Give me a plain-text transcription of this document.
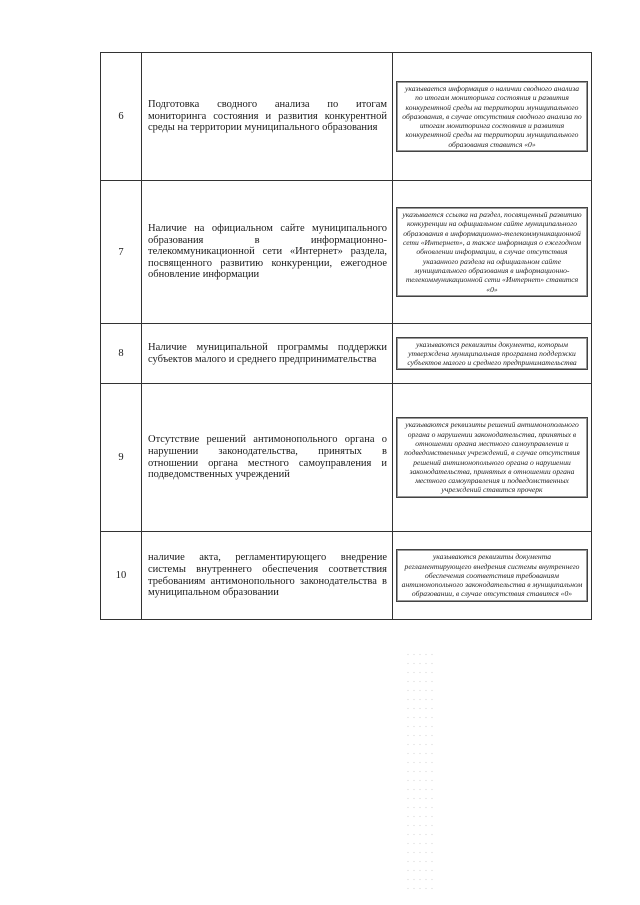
6	Подготовка сводного анализа по итогам мониторинга состояния и развития конкурентной среды на территории муниципального образования	указывается информация о наличии сводного анализа по итогам мониторинга состояния и развития конкурентной среды на территории муниципального образования, в случае отсутствия сводного анализа по итогам мониторинга состояния и развития конкурентной среды на территории муниципального образования ставится «0»

7	Наличие на официальном сайте муниципального образования в информационно-телекоммуникационной сети «Интернет» раздела, посвященного развитию конкуренции, ежегодное обновление информации	указывается ссылка на раздел, посвященный развитию конкуренции на официальном сайте муниципального образования в информационно-телекоммуникационной сети «Интернет», а также информация о ежегодном обновлении информации, в случае отсутствия указанного раздела на официальном сайте муниципального образования в информационно-телекоммуникационной сети «Интернет» ставится «0»

8	Наличие муниципальной программы поддержки субъектов малого и среднего предпринимательства	указываются реквизиты документа, которым утверждена муниципальная программа поддержки субъектов малого и среднего предпринимательства

9	Отсутствие решений антимонопольного органа о нарушении законодательства, принятых в отношении органа местного самоуправления и подведомственных учреждений	указываются реквизиты решений антимонопольного органа о нарушении законодательства, принятых в отношении органа местного самоуправления и подведомственных учреждений, в случае отсутствия решений антимонопольного органа о нарушении законодательства, принятых в отношении органа местного самоуправления и подведомственных учреждений ставится прочерк

10	наличие акта, регламентирующего внедрение системы внутреннего обеспечения соответствия требованиям антимонопольного законодательства в муниципальном образовании	указываются реквизиты документа регламентирующего внедрения системы внутреннего обеспечения соответствия требованиям антимонопольного законодательства в муниципальном образовании, в случае отсутствия ставится «0»
